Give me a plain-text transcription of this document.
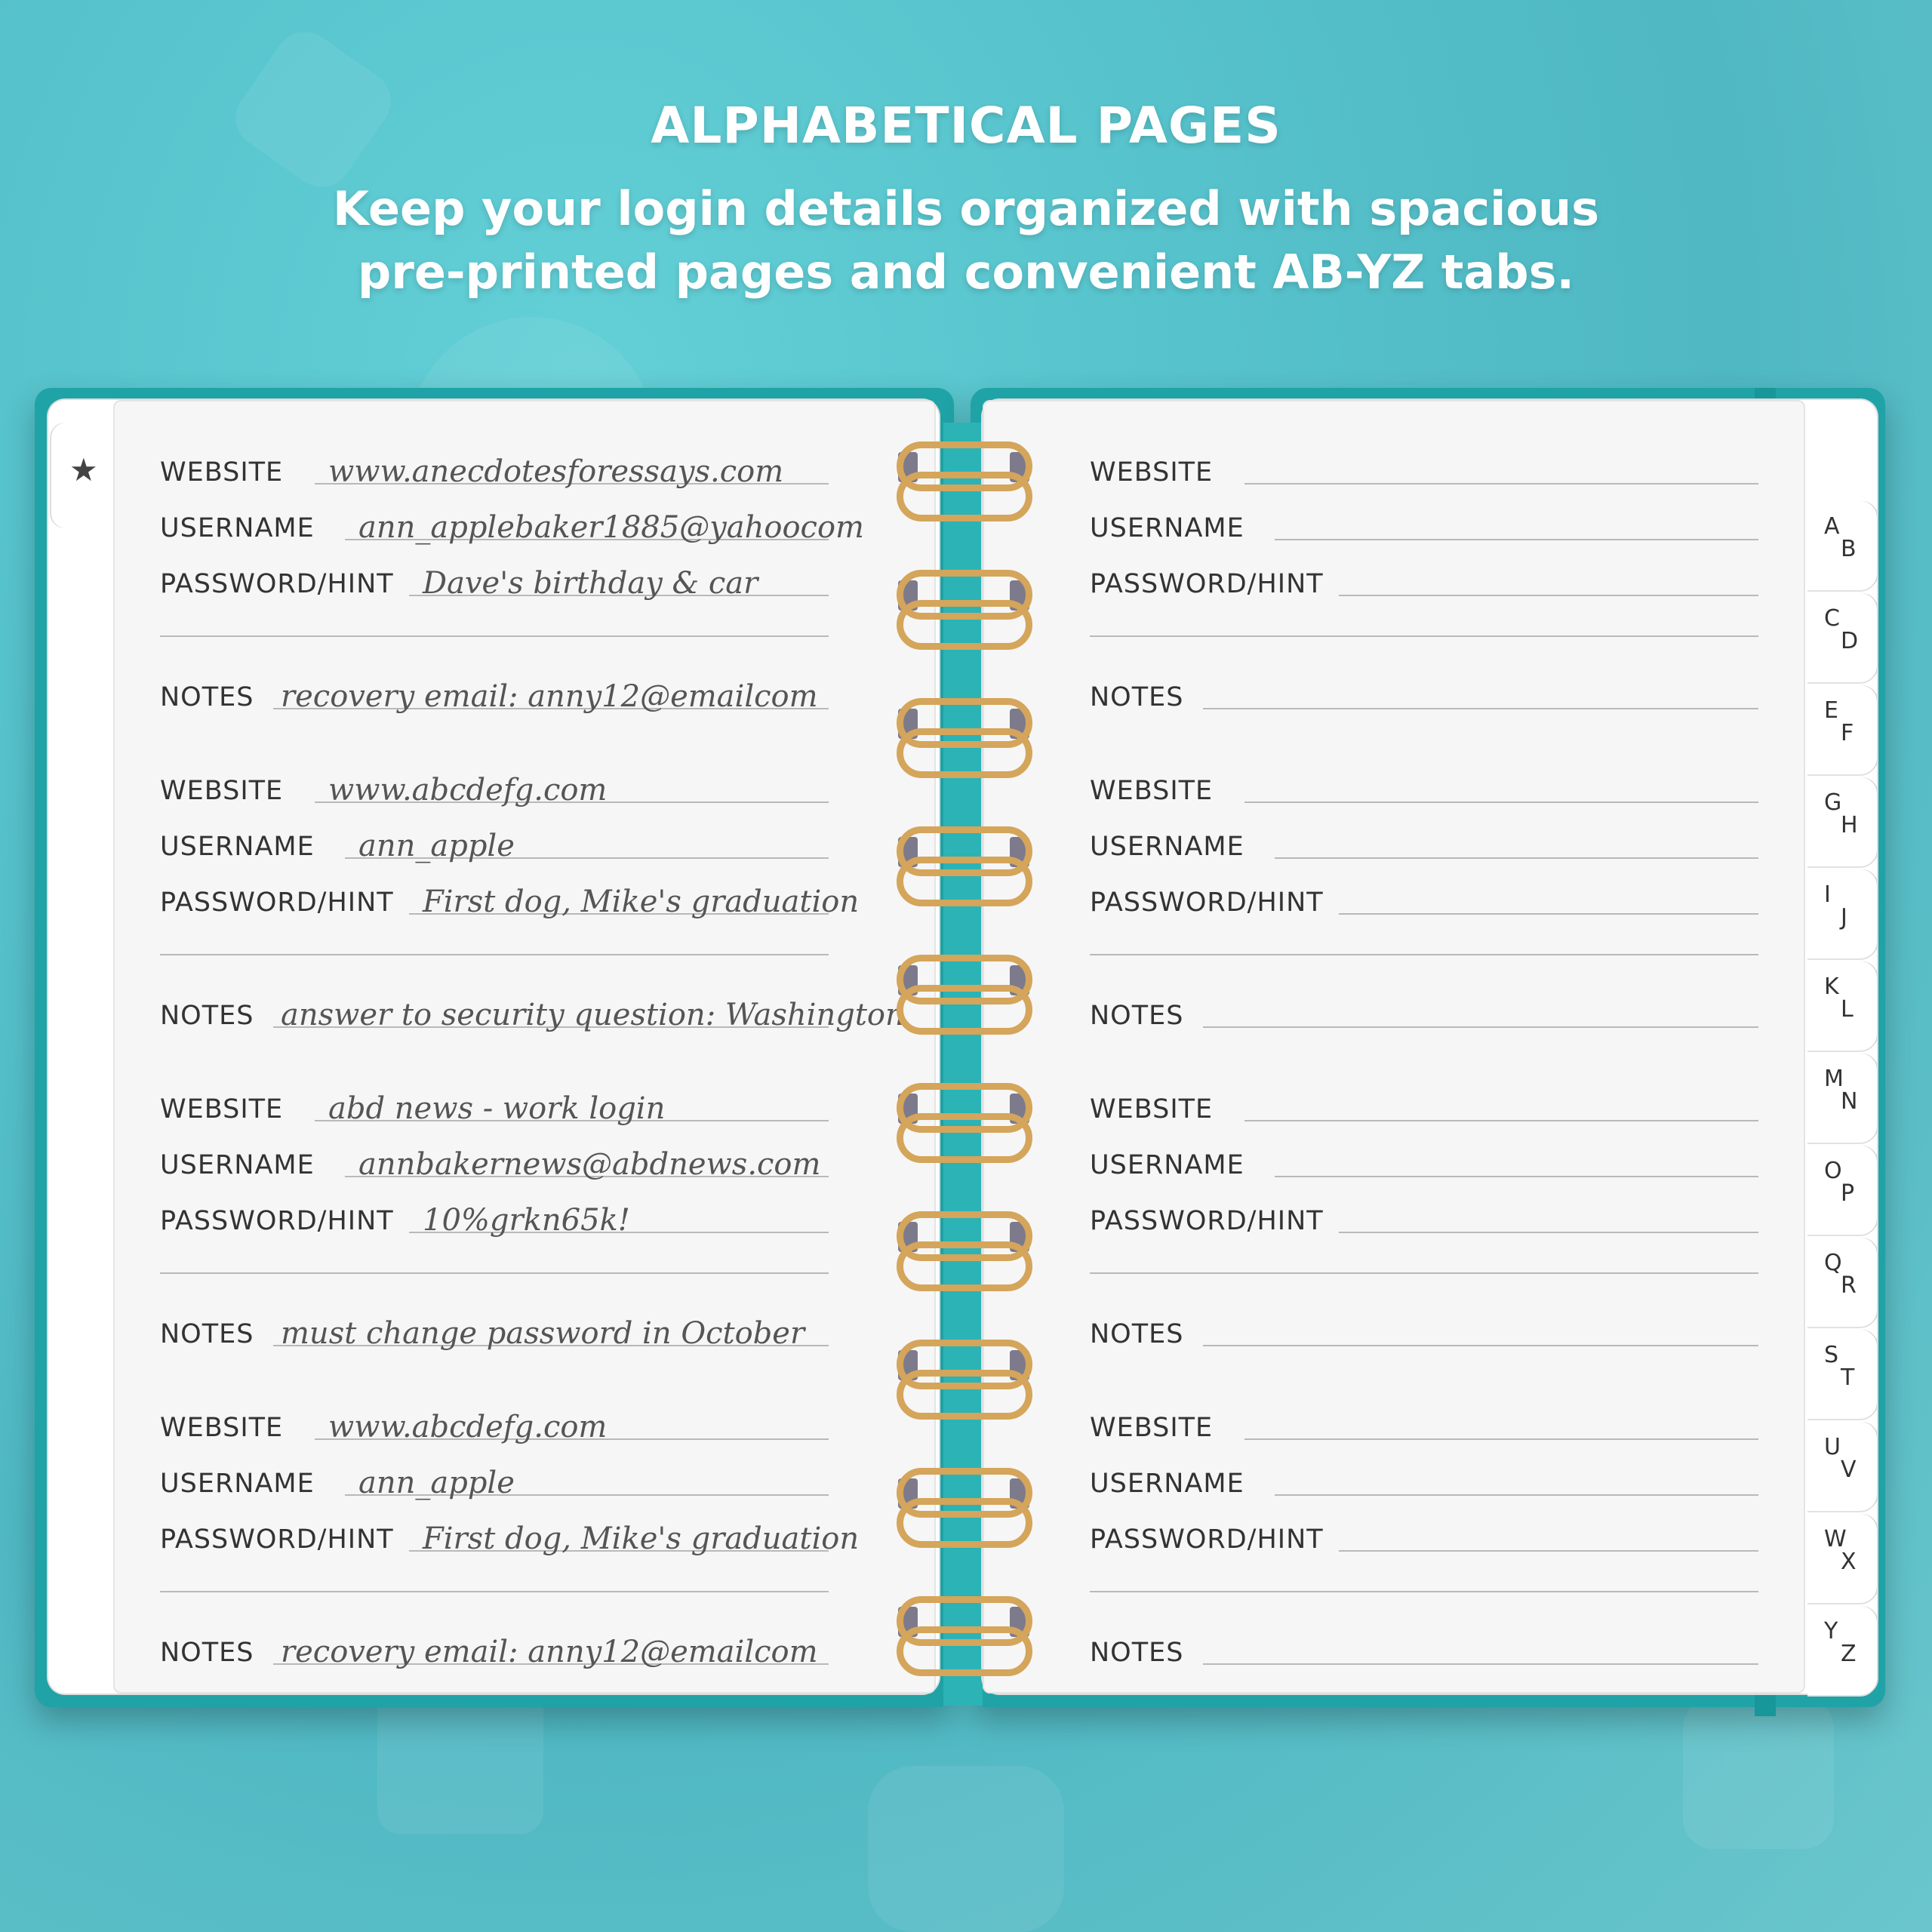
ALPHABETICAL PAGES
Keep your login details organized with spacious
pre-printed pages and convenient AB-YZ tabs.
★ WEBSITE www.anecdotesforessays.com
USERNAME ann_applebaker1885@yahoocom
PASSWORD/HINT Dave's birthday & car
NOTES recovery email: anny12@emailcom
WEBSITE www.abcdefg.com
USERNAME ann_apple
PASSWORD/HINT First dog, Mike's graduation
NOTES answer to security question: Washington
WEBSITE abd news - work login
USERNAME annbakernews@abdnews.com
PASSWORD/HINT 10%grkn65k!
NOTES must change password in October
WEBSITE www.abcdefg.com
USERNAME ann_apple
PASSWORD/HINT First dog, Mike's graduation
NOTES recovery email: anny12@emailcom
WEBSITE
USERNAME
PASSWORD/HINT
NOTES
WEBSITE
USERNAME
PASSWORD/HINT
NOTES
WEBSITE
USERNAME
PASSWORD/HINT
NOTES
WEBSITE
USERNAME
PASSWORD/HINT
NOTES
A
B
C
D
E
F
G
H
I
J
K
L
M
N
O
P
Q
R
S
T
U
V
W
X
Y
Z
